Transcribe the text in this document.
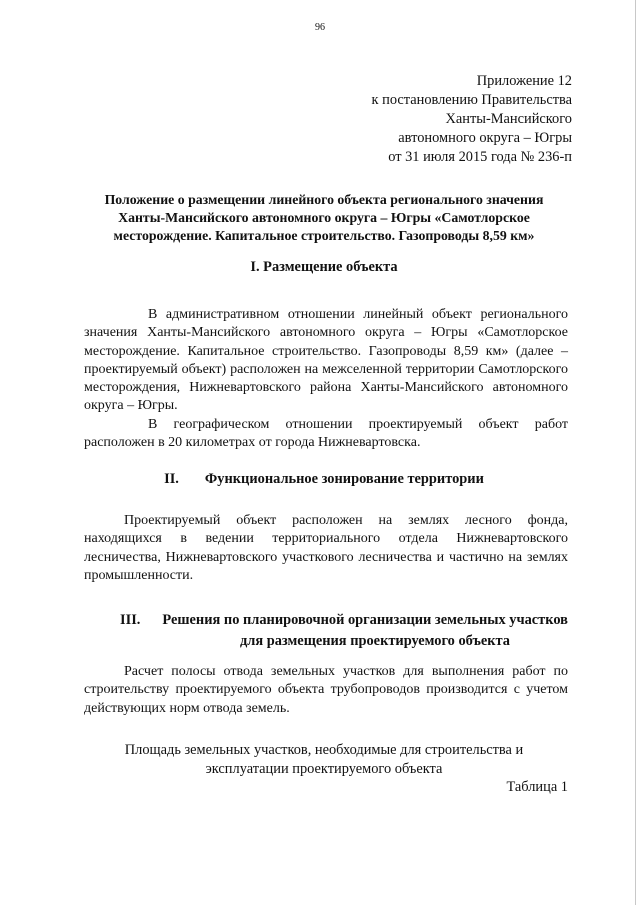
96
Приложение 12
к постановлению Правительства
Ханты-Мансийского
автономного округа – Югры
от 31 июля 2015 года № 236-п
Положение о размещении линейного объекта регионального значения
Ханты-Мансийского автономного округа – Югры «Самотлорское
месторождение. Капитальное строительство. Газопроводы 8,59 км»
I. Размещение объекта

В административном отношении линейный объект регионального значения Ханты-Мансийского автономного округа – Югры «Самотлорское месторождение. Капитальное строительство. Газопроводы 8,59 км» (далее – проектируемый объект) расположен на межселенной территории Самотлорского месторождения, Нижневартовского района Ханты-Мансийского автономного округа – Югры.

В географическом отношении проектируемый объект работ расположен в 20 километрах от города Нижневартовска.

II. Функциональное зонирование территории

Проектируемый объект расположен на землях лесного фонда, находящихся в ведении территориального отдела Нижневартовского лесничества, Нижневартовского участкового лесничества и частично на землях промышленности.

III. Решения по планировочной организации земельных участков
для размещения проектируемого объекта

Расчет полосы отвода земельных участков для выполнения работ по строительству проектируемого объекта трубопроводов производится с учетом действующих норм отвода земель.

Площадь земельных участков, необходимые для строительства и
эксплуатации проектируемого объекта

Таблица 1
